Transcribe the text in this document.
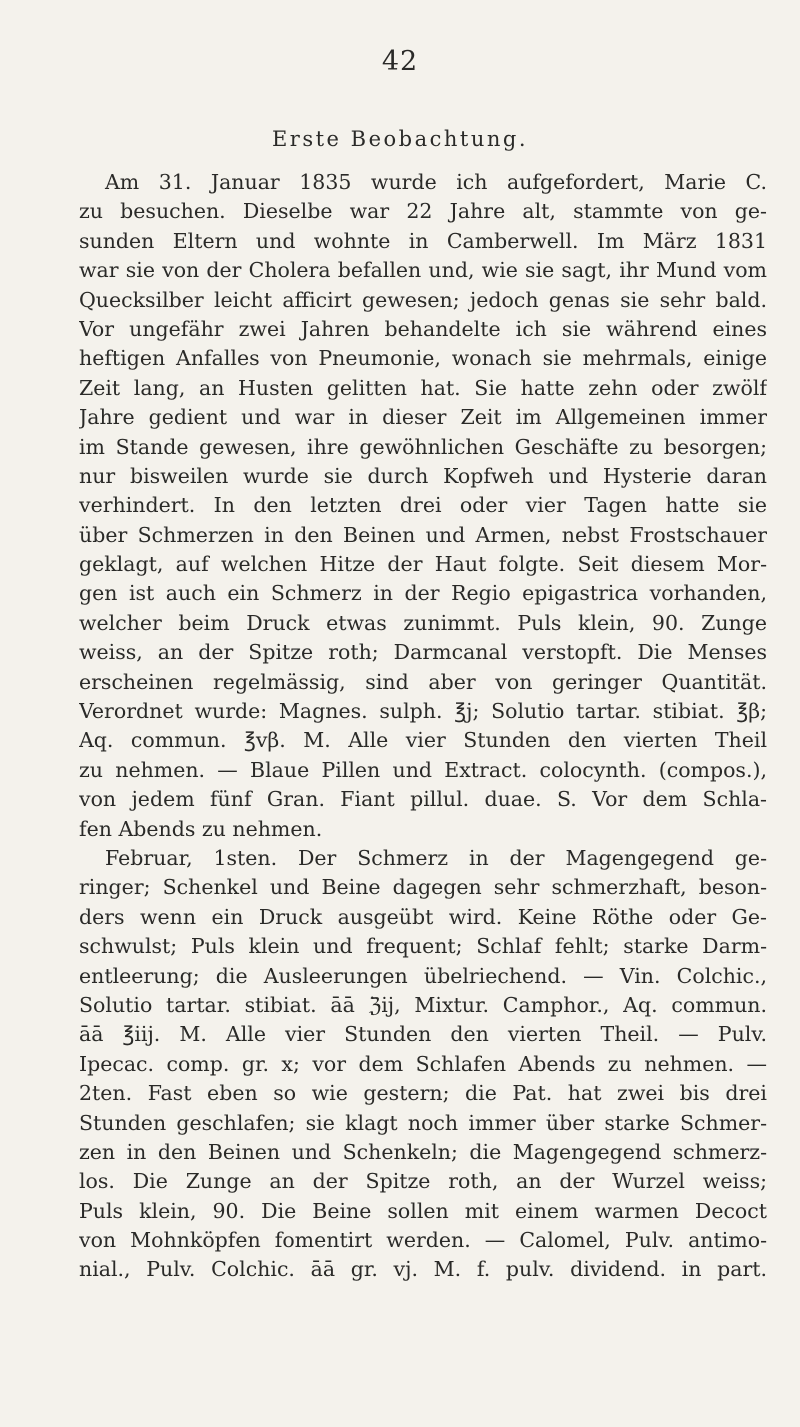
42
Erste Beobachtung.
Am 31. Januar 1835 wurde ich aufgefordert, Marie C.
zu besuchen. Dieselbe war 22 Jahre alt, stammte von ge-
sunden Eltern und wohnte in Camberwell. Im März 1831
war sie von der Cholera befallen und, wie sie sagt, ihr Mund vom
Quecksilber leicht afficirt gewesen; jedoch genas sie sehr bald.
Vor ungefähr zwei Jahren behandelte ich sie während eines
heftigen Anfalles von Pneumonie, wonach sie mehrmals, einige
Zeit lang, an Husten gelitten hat. Sie hatte zehn oder zwölf
Jahre gedient und war in dieser Zeit im Allgemeinen immer
im Stande gewesen, ihre gewöhnlichen Geschäfte zu besorgen;
nur bisweilen wurde sie durch Kopfweh und Hysterie daran
verhindert. In den letzten drei oder vier Tagen hatte sie
über Schmerzen in den Beinen und Armen, nebst Frostschauer
geklagt, auf welchen Hitze der Haut folgte. Seit diesem Mor-
gen ist auch ein Schmerz in der Regio epigastrica vorhanden,
welcher beim Druck etwas zunimmt. Puls klein, 90. Zunge
weiss, an der Spitze roth; Darmcanal verstopft. Die Menses
erscheinen regelmässig, sind aber von geringer Quantität.
Verordnet wurde: Magnes. sulph. ℥j; Solutio tartar. stibiat. ℥β;
Aq. commun. ℥vβ. M. Alle vier Stunden den vierten Theil
zu nehmen. — Blaue Pillen und Extract. colocynth. (compos.),
von jedem fünf Gran. Fiant pillul. duae. S. Vor dem Schla-
fen Abends zu nehmen.
Februar, 1sten. Der Schmerz in der Magengegend ge-
ringer; Schenkel und Beine dagegen sehr schmerzhaft, beson-
ders wenn ein Druck ausgeübt wird. Keine Röthe oder Ge-
schwulst; Puls klein und frequent; Schlaf fehlt; starke Darm-
entleerung; die Ausleerungen übelriechend. — Vin. Colchic.,
Solutio tartar. stibiat. āā ℨij, Mixtur. Camphor., Aq. commun.
āā ℥iij. M. Alle vier Stunden den vierten Theil. — Pulv.
Ipecac. comp. gr. x; vor dem Schlafen Abends zu nehmen. —
2ten. Fast eben so wie gestern; die Pat. hat zwei bis drei
Stunden geschlafen; sie klagt noch immer über starke Schmer-
zen in den Beinen und Schenkeln; die Magengegend schmerz-
los. Die Zunge an der Spitze roth, an der Wurzel weiss;
Puls klein, 90. Die Beine sollen mit einem warmen Decoct
von Mohnköpfen fomentirt werden. — Calomel, Pulv. antimo-
nial., Pulv. Colchic. āā gr. vj. M. f. pulv. dividend. in part.
